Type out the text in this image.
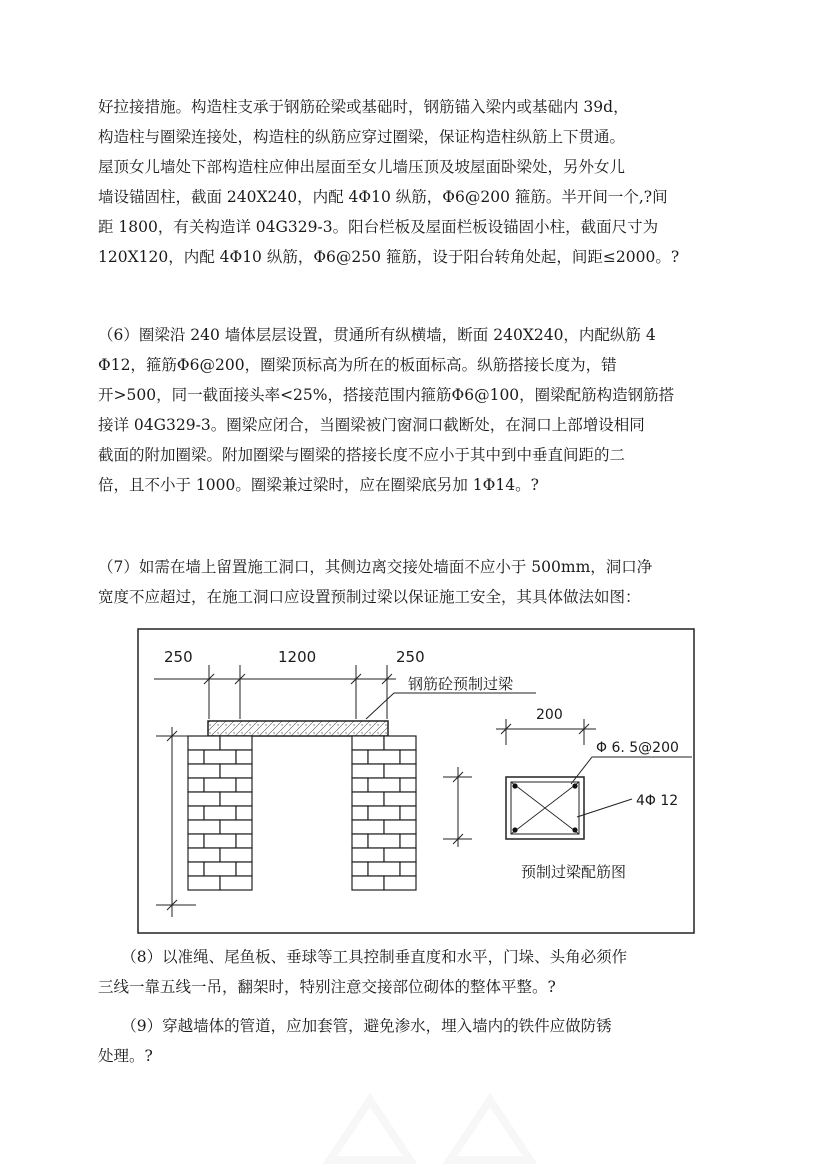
好拉接措施。构造柱支承于钢筋砼梁或基础时，钢筋锚入梁内或基础内 39d，
构造柱与圈梁连接处，构造柱的纵筋应穿过圈梁，保证构造柱纵筋上下贯通。
屋顶女儿墙处下部构造柱应伸出屋面至女儿墙压顶及坡屋面卧梁处，另外女儿
墙设锚固柱，截面 240X240，内配 4Φ10 纵筋，Φ6@200 箍筋。半开间一个,?间
距 1800，有关构造详 04G329-3。阳台栏板及屋面栏板设锚固小柱，截面尺寸为
120X120，内配 4Φ10 纵筋，Φ6@250 箍筋，设于阳台转角处起，间距≤2000。?
（6）圈梁沿 240 墙体层层设置，贯通所有纵横墙，断面 240X240，内配纵筋 4
Φ12，箍筋Φ6@200，圈梁顶标高为所在的板面标高。纵筋搭接长度为，错
开>500，同一截面接头率<25%，搭接范围内箍筋Φ6@100，圈梁配筋构造钢筋搭
接详 04G329-3。圈梁应闭合，当圈梁被门窗洞口截断处，在洞口上部增设相同
截面的附加圈梁。附加圈梁与圈梁的搭接长度不应小于其中到中垂直间距的二
倍，且不小于 1000。圈梁兼过梁时，应在圈梁底另加 1Φ14。?
（7）如需在墙上留置施工洞口，其侧边离交接处墙面不应小于 500mm，洞口净
宽度不应超过，在施工洞口应设置预制过梁以保证施工安全，其具体做法如图：
250	1200	250
钢筋砼预制过梁
200
Φ 6. 5@200
4Φ 12
预制过梁配筋图
　　（8）以准绳、尾鱼板、垂球等工具控制垂直度和水平，门垛、头角必须作
三线一靠五线一吊，翻架时，特别注意交接部位砌体的整体平整。?
　　（9）穿越墙体的管道，应加套管，避免渗水，埋入墙内的铁件应做防锈
处理。?
